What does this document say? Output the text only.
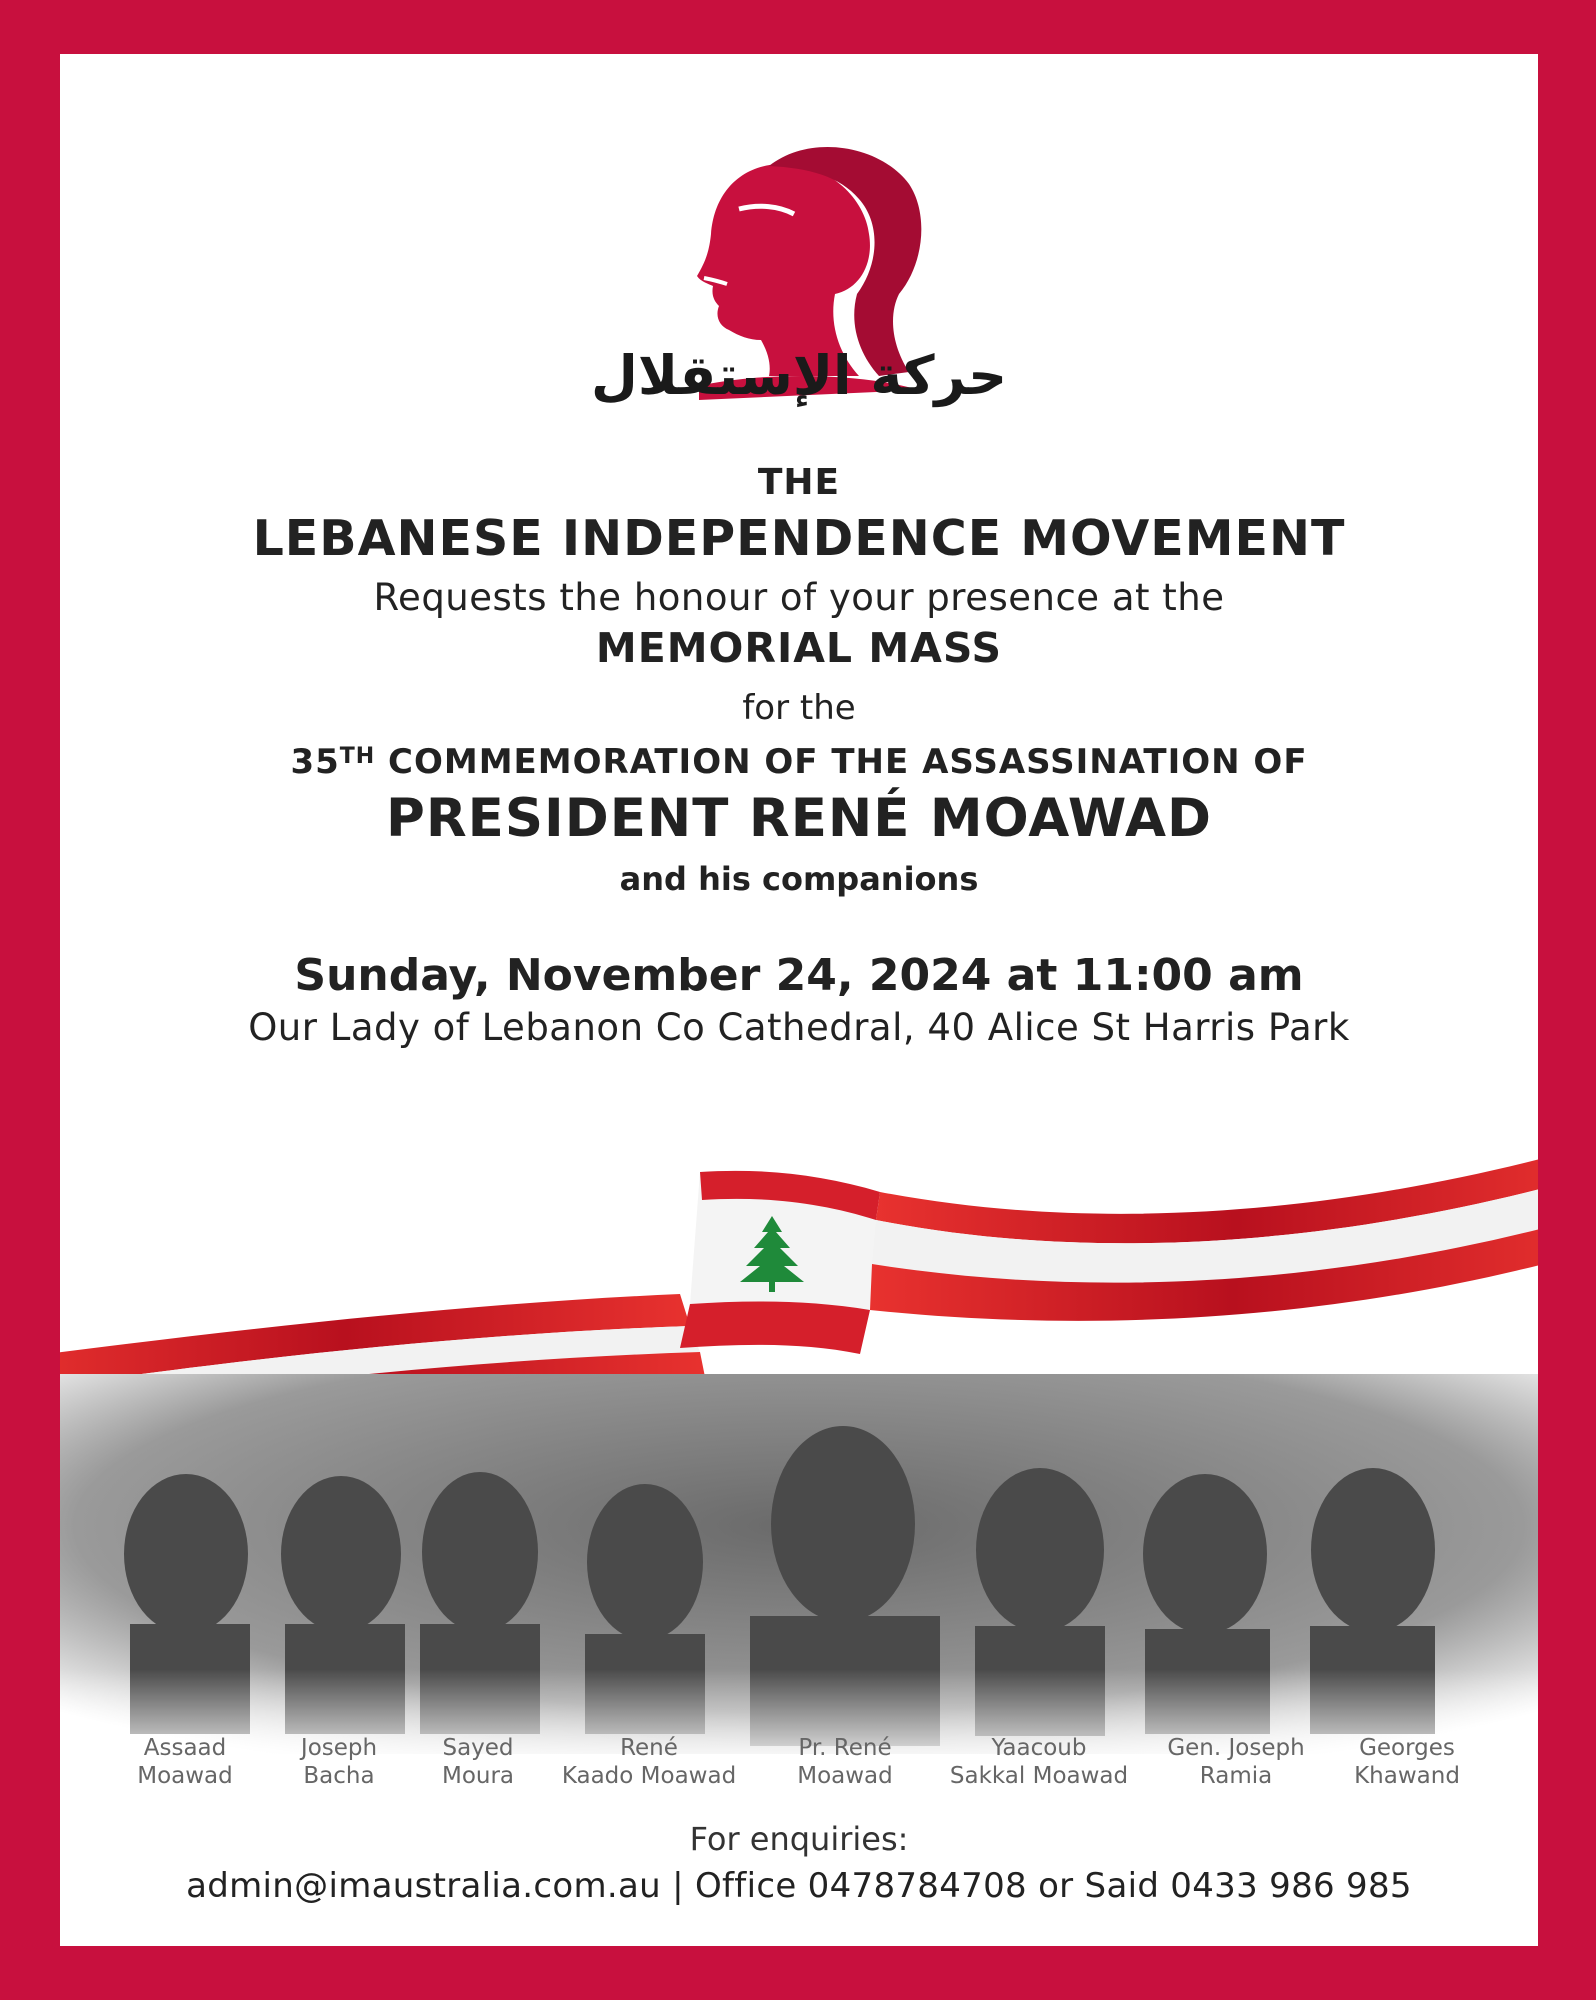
حركة الإستقلال
THE
LEBANESE INDEPENDENCE MOVEMENT
Requests the honour of your presence at the
MEMORIAL MASS
for the
35TH COMMEMORATION OF THE ASSASSINATION OF
PRESIDENT RENÉ MOAWAD
and his companions
Sunday, November 24, 2024 at 11:00 am
Our Lady of Lebanon Co Cathedral, 40 Alice St Harris Park
Assaad
Moawad
Joseph
Bacha
Sayed
Moura
René
Kaado Moawad
Pr. René
Moawad
Yaacoub
Sakkal Moawad
Gen. Joseph
Ramia
Georges
Khawand
For enquiries:
admin@imaustralia.com.au | Office 0478784708 or Said 0433 986 985
